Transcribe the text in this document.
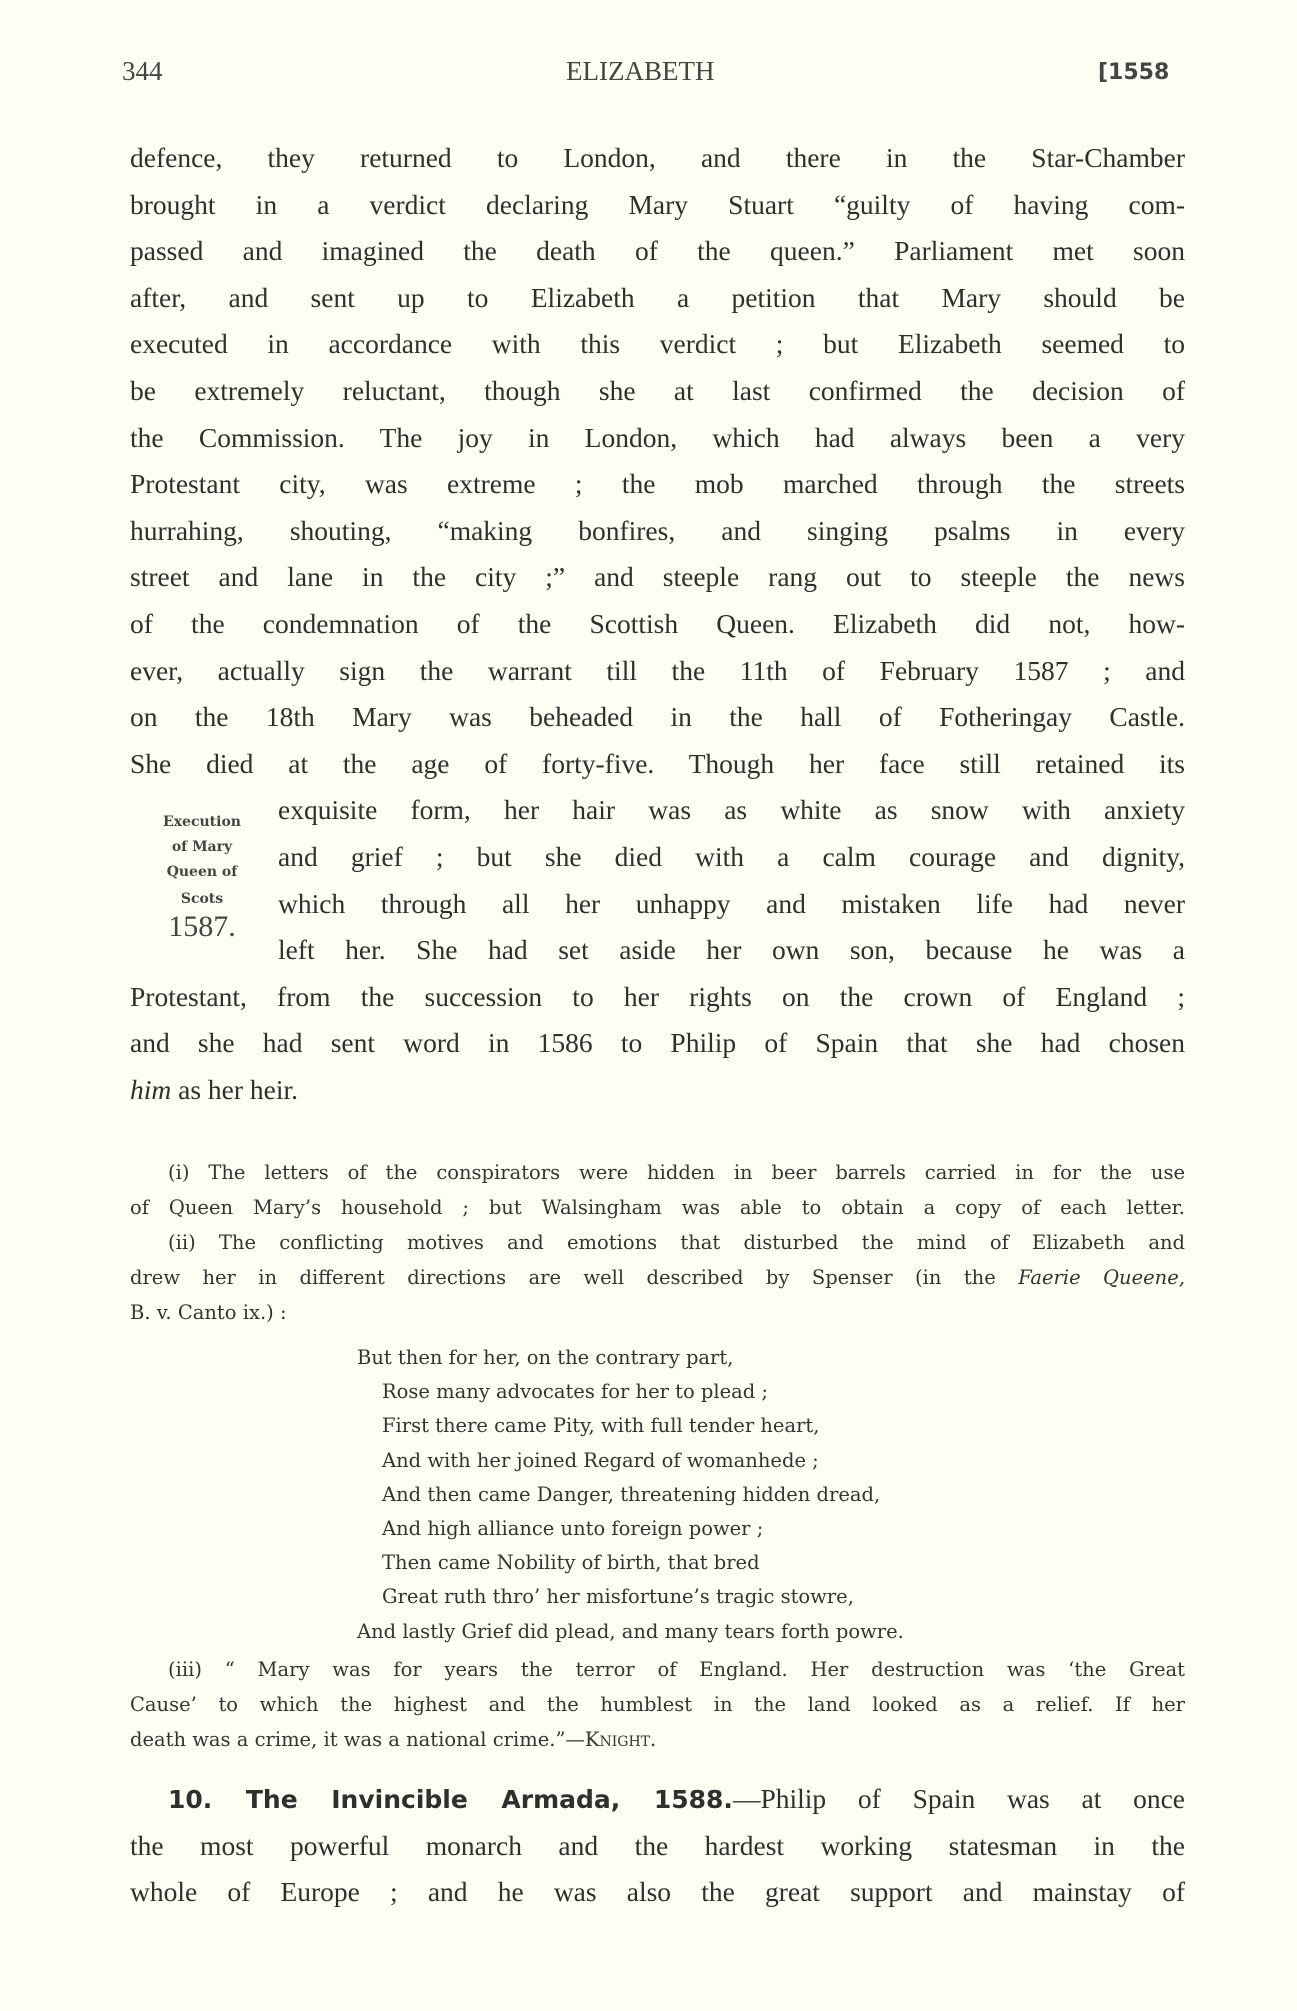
344	ELIZABETH	[1558
defence, they returned to London, and there in the Star-Chamber
brought in a verdict declaring Mary Stuart “guilty of having com-
passed and imagined the death of the queen.” Parliament met soon
after, and sent up to Elizabeth a petition that Mary should be
executed in accordance with this verdict ; but Elizabeth seemed to
be extremely reluctant, though she at last confirmed the decision of
the Commission. The joy in London, which had always been a very
Protestant city, was extreme ; the mob marched through the streets
hurrahing, shouting, “making bonfires, and singing psalms in every
street and lane in the city ;” and steeple rang out to steeple the news
of the condemnation of the Scottish Queen. Elizabeth did not, how-
ever, actually sign the warrant till the 11th of February 1587 ; and
on the 18th Mary was beheaded in the hall of Fotheringay Castle.
She died at the age of forty-five. Though her face still retained its
exquisite form, her hair was as white as snow with anxiety
and grief ; but she died with a calm courage and dignity,
which through all her unhappy and mistaken life had never
left her. She had set aside her own son, because he was a
Protestant, from the succession to her rights on the crown of England ;
and she had sent word in 1586 to Philip of Spain that she had chosen
him as her heir.
Execution
of Mary
Queen of
Scots
1587.
(i) The letters of the conspirators were hidden in beer barrels carried in for the use
of Queen Mary’s household ; but Walsingham was able to obtain a copy of each letter.
(ii) The conflicting motives and emotions that disturbed the mind of Elizabeth and
drew her in different directions are well described by Spenser (in the Faerie Queene,
B. v. Canto ix.) :
But then for her, on the contrary part,
Rose many advocates for her to plead ;
First there came Pity, with full tender heart,
And with her joined Regard of womanhede ;
And then came Danger, threatening hidden dread,
And high alliance unto foreign power ;
Then came Nobility of birth, that bred
Great ruth thro’ her misfortune’s tragic stowre,
And lastly Grief did plead, and many tears forth powre.
(iii) “ Mary was for years the terror of England. Her destruction was ‘the Great
Cause’ to which the highest and the humblest in the land looked as a relief. If her
death was a crime, it was a national crime.”—Knight.
10. The Invincible Armada, 1588.—Philip of Spain was at once
the most powerful monarch and the hardest working statesman in the
whole of Europe ; and he was also the great support and mainstay of
